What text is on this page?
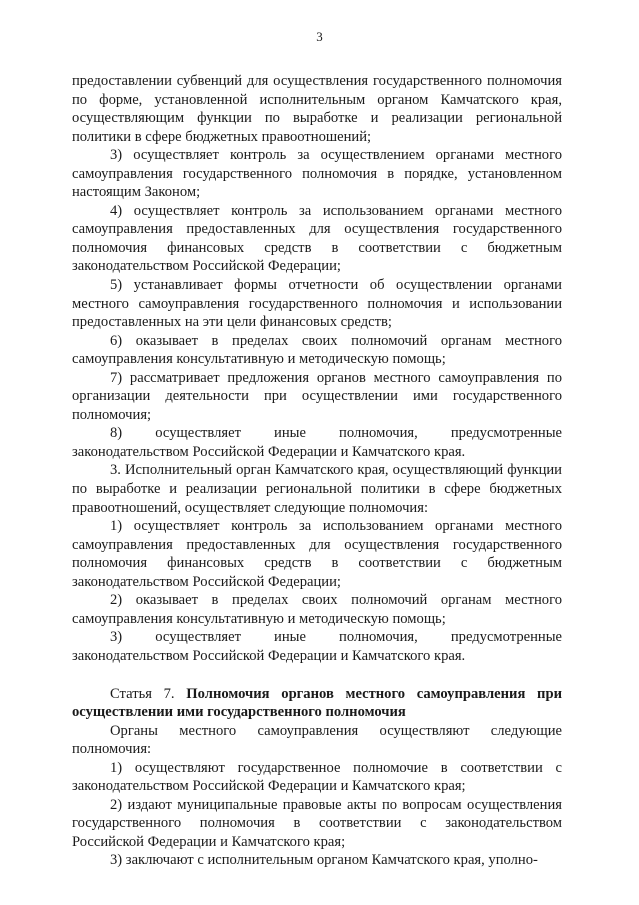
3

предоставлении субвенций для осуществления государственного полномочия по форме, установленной исполнительным органом Камчатского края, осуществляющим функции по выработке и реализации региональной политики в сфере бюджетных правоотношений;

3) осуществляет контроль за осуществлением органами местного самоуправления государственного полномочия в порядке, установленном настоящим Законом;

4) осуществляет контроль за использованием органами местного самоуправления предоставленных для осуществления государственного полномочия финансовых средств в соответствии с бюджетным законодательством Российской Федерации;

5) устанавливает формы отчетности об осуществлении органами местного самоуправления государственного полномочия и использовании предоставленных на эти цели финансовых средств;

6) оказывает в пределах своих полномочий органам местного самоуправления консультативную и методическую помощь;

7) рассматривает предложения органов местного самоуправления по организации деятельности при осуществлении ими государственного полномочия;

8) осуществляет иные полномочия, предусмотренные законодательством Российской Федерации и Камчатского края.

3. Исполнительный орган Камчатского края, осуществляющий функции по выработке и реализации региональной политики в сфере бюджетных правоотношений, осуществляет следующие полномочия:

1) осуществляет контроль за использованием органами местного самоуправления предоставленных для осуществления государственного полномочия финансовых средств в соответствии с бюджетным законодательством Российской Федерации;

2) оказывает в пределах своих полномочий органам местного самоуправления консультативную и методическую помощь;

3) осуществляет иные полномочия, предусмотренные законодательством Российской Федерации и Камчатского края.

Статья 7. Полномочия органов местного самоуправления при осуществлении ими государственного полномочия

Органы местного самоуправления осуществляют следующие полномочия:

1) осуществляют государственное полномочие в соответствии с законодательством Российской Федерации и Камчатского края;

2) издают муниципальные правовые акты по вопросам осуществления государственного полномочия в соответствии с законодательством Российской Федерации и Камчатского края;

3) заключают с исполнительным органом Камчатского края, уполно-
